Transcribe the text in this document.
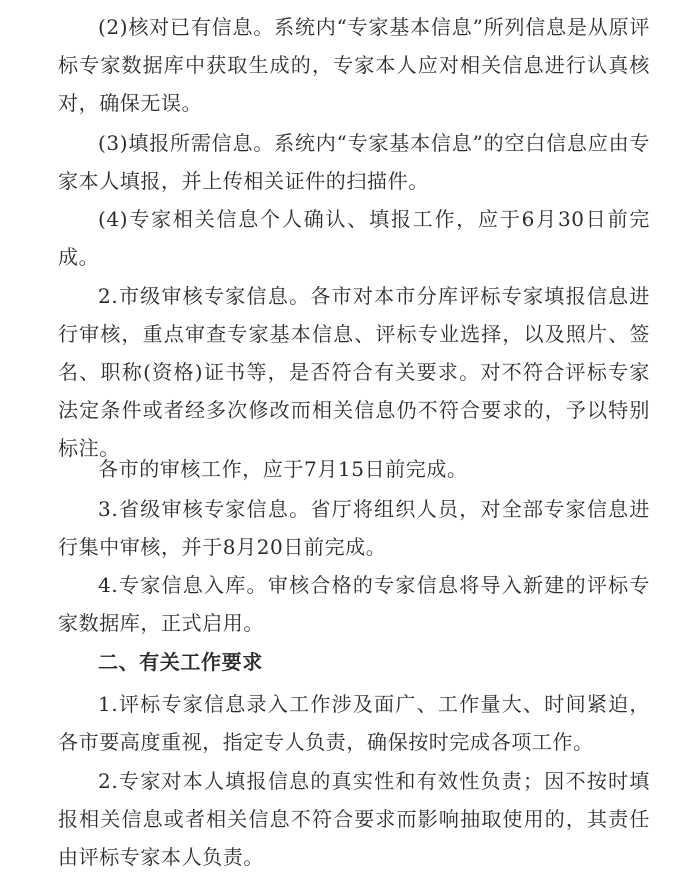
(2)核对已有信息。系统内“专家基本信息”所列信息是从原评标专家数据库中获取生成的，专家本人应对相关信息进行认真核对，确保无误。

(3)填报所需信息。系统内“专家基本信息”的空白信息应由专家本人填报，并上传相关证件的扫描件。

(4)专家相关信息个人确认、填报工作，应于6月30日前完成。

2.市级审核专家信息。各市对本市分库评标专家填报信息进行审核，重点审查专家基本信息、评标专业选择，以及照片、签名、职称(资格)证书等，是否符合有关要求。对不符合评标专家法定条件或者经多次修改而相关信息仍不符合要求的，予以特别标注。

各市的审核工作，应于7月15日前完成。

3.省级审核专家信息。省厅将组织人员，对全部专家信息进行集中审核，并于8月20日前完成。

4.专家信息入库。审核合格的专家信息将导入新建的评标专家数据库，正式启用。

二、有关工作要求

1.评标专家信息录入工作涉及面广、工作量大、时间紧迫，各市要高度重视，指定专人负责，确保按时完成各项工作。

2.专家对本人填报信息的真实性和有效性负责；因不按时填报相关信息或者相关信息不符合要求而影响抽取使用的，其责任由评标专家本人负责。
